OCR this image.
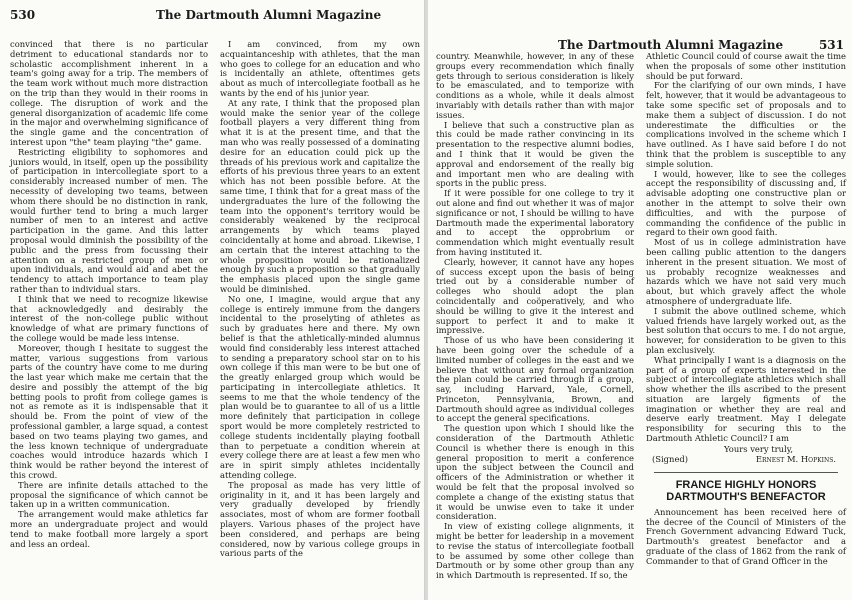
530	The Dartmouth Alumni Magazine

convinced that there is no particular detriment to educational standards nor to scholastic accomplishment inherent in a team's going away for a trip. The members of the team work without much more distraction on the trip than they would in their rooms in college. The disruption of work and the general disorganization of academic life come in the major and overwhelming significance of the single game and the concentration of interest upon "the" team playing "the" game.

Restricting eligibility to sophomores and juniors would, in itself, open up the possibility of participation in intercollegiate sport to a considerably increased number of men. The necessity of developing two teams, between whom there should be no distinction in rank, would further tend to bring a much larger number of men to an interest and active participation in the game. And this latter proposal would diminish the possibility of the public and the press from focussing their attention on a restricted group of men or upon individuals, and would aid and abet the tendency to attach importance to team play rather than to individual stars.

I think that we need to recognize likewise that acknowledgedly and desirably the interest of the non-college public without knowledge of what are primary functions of the college would be made less intense.

Moreover, though I hesitate to suggest the matter, various suggestions from various parts of the country have come to me during the last year which make me certain that the desire and possibly the attempt of the big betting pools to profit from college games is not as remote as it is indispensable that it should be. From the point of view of the professional gambler, a large squad, a contest based on two teams playing two games, and the less known technique of undergraduate coaches would introduce hazards which I think would be rather beyond the interest of this crowd.

There are infinite details attached to the proposal the significance of which cannot be taken up in a written communication.

The arrangement would make athletics far more an undergraduate project and would tend to make football more largely a sport and less an ordeal.

I am convinced, from my own acquaintanceship with athletes, that the man who goes to college for an education and who is incidentally an athlete, oftentimes gets about as much of intercollegiate football as he wants by the end of his junior year.

At any rate, I think that the proposed plan would make the senior year of the college football players a very different thing from what it is at the present time, and that the man who was really possessed of a dominating desire for an education could pick up the threads of his previous work and capitalize the efforts of his previous three years to an extent which has not been possible before. At the same time, I think that for a great mass of the undergraduates the lure of the following the team into the opponent's territory would be considerably weakened by the reciprocal arrangements by which teams played coincidentally at home and abroad. Likewise, I am certain that the interest attaching to the whole proposition would be rationalized enough by such a proposition so that gradually the emphasis placed upon the single game would be diminished.

No one, I imagine, would argue that any college is entirely immune from the dangers incidental to the proselyting of athletes as such by graduates here and there. My own belief is that the athletically-minded alumnus would find considerably less interest attached to sending a preparatory school star on to his own college if this man were to be but one of the greatly enlarged group which would be participating in intercollegiate athletics. It seems to me that the whole tendency of the plan would be to guarantee to all of us a little more definitely that participation in college sport would be more completely restricted to college students incidentally playing football than to perpetuate a condition wherein at every college there are at least a few men who are in spirit simply athletes incidentally attending college.

The proposal as made has very little of originality in it, and it has been largely and very gradually developed by friendly associates, most of whom are former football players. Various phases of the project have been considered, and perhaps are being considered, now by various college groups in various parts of the

The Dartmouth Alumni Magazine	531

country. Meanwhile, however, in any of these groups every recommendation which finally gets through to serious consideration is likely to be emasculated, and to temporize with conditions as a whole, while it deals almost invariably with details rather than with major issues.

I believe that such a constructive plan as this could be made rather convincing in its presentation to the respective alumni bodies, and I think that it would be given the approval and endorsement of the really big and important men who are dealing with sports in the public press.

If it were possible for one college to try it out alone and find out whether it was of major significance or not, I should be willing to have Dartmouth made the experimental laboratory and to accept the opprobrium or commendation which might eventually result from having instituted it.

Clearly, however, it cannot have any hopes of success except upon the basis of being tried out by a considerable number of colleges who should adopt the plan coincidentally and coöperatively, and who should be willing to give it the interest and support to perfect it and to make it impressive.

Those of us who have been considering it have been going over the schedule of a limited number of colleges in the east and we believe that without any formal organization the plan could be carried through if a group, say, including Harvard, Yale, Cornell, Princeton, Pennsylvania, Brown, and Dartmouth should agree as individual colleges to accept the general specifications.

The question upon which I should like the consideration of the Dartmouth Athletic Council is whether there is enough in this general proposition to merit a conference upon the subject between the Council and officers of the Administration or whether it would be felt that the proposal involved so complete a change of the existing status that it would be unwise even to take it under consideration.

In view of existing college alignments, it might be better for leadership in a movement to revise the status of intercollegiate football to be assumed by some other college than Dartmouth or by some other group than any in which Dartmouth is represented. If so, the

Athletic Council could of course await the time when the proposals of some other institution should be put forward.

For the clarifying of our own minds, I have felt, however, that it would be advantageous to take some specific set of proposals and to make them a subject of discussion. I do not underestimate the difficulties or the complications involved in the scheme which I have outlined. As I have said before I do not think that the problem is susceptible to any simple solution.

I would, however, like to see the colleges accept the responsibility of discussing and, if advisable adopting one constructive plan or another in the attempt to solve their own difficulties, and with the purpose of commanding the confidence of the public in regard to their own good faith.

Most of us in college administration have been calling public attention to the dangers inherent in the present situation. We most of us probably recognize weaknesses and hazards which we have not said very much about, but which gravely affect the whole atmosphere of undergraduate life.

I submit the above outlined scheme, which valued friends have largely worked out, as the best solution that occurs to me. I do not argue, however, for consideration to be given to this plan exclusively.

What principally I want is a diagnosis on the part of a group of experts interested in the subject of intercollegiate athletics which shall show whether the ills ascribed to the present situation are largely figments of the imagination or whether they are real and deserve early treatment. May I delegate responsibility for securing this to the Dartmouth Athletic Council? I am

Yours very truly,
(Signed)	Ernest M. Hopkins.
FRANCE HIGHLY HONORS
DARTMOUTH'S BENEFACTOR

Announcement has been received here of the decree of the Council of Ministers of the French Government advancing Edward Tuck, Dartmouth's greatest benefactor and a graduate of the class of 1862 from the rank of Commander to that of Grand Officer in the
